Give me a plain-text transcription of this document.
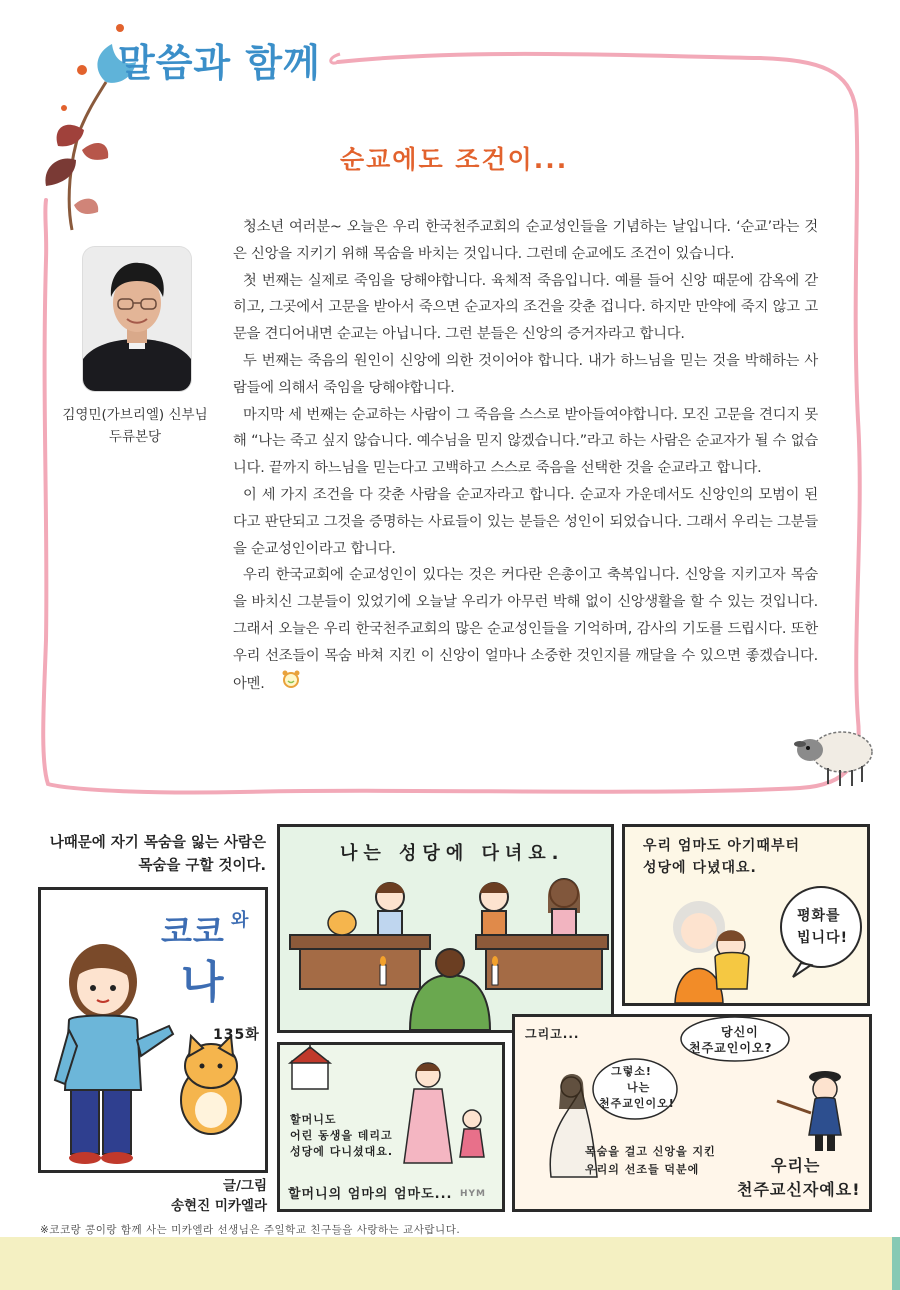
말씀과 함께
순교에도 조건이...
김영민(가브리엘) 신부님
두류본당

청소년 여러분~ 오늘은 우리 한국천주교회의 순교성인들을 기념하는 날입니다. ‘순교’라는 것은 신앙을 지키기 위해 목숨을 바치는 것입니다. 그런데 순교에도 조건이 있습니다.

첫 번째는 실제로 죽임을 당해야합니다. 육체적 죽음입니다. 예를 들어 신앙 때문에 감옥에 갇히고, 그곳에서 고문을 받아서 죽으면 순교자의 조건을 갖춘 겁니다. 하지만 만약에 죽지 않고 고문을 견디어내면 순교는 아닙니다. 그런 분들은 신앙의 증거자라고 합니다.

두 번째는 죽음의 원인이 신앙에 의한 것이어야 합니다. 내가 하느님을 믿는 것을 박해하는 사람들에 의해서 죽임을 당해야합니다.

마지막 세 번째는 순교하는 사람이 그 죽음을 스스로 받아들여야합니다. 모진 고문을 견디지 못해 “나는 죽고 싶지 않습니다. 예수님을 믿지 않겠습니다.”라고 하는 사람은 순교자가 될 수 없습니다. 끝까지 하느님을 믿는다고 고백하고 스스로 죽음을 선택한 것을 순교라고 합니다.

이 세 가지 조건을 다 갖춘 사람을 순교자라고 합니다. 순교자 가운데서도 신앙인의 모범이 된다고 판단되고 그것을 증명하는 사료들이 있는 분들은 성인이 되었습니다. 그래서 우리는 그분들을 순교성인이라고 합니다.

우리 한국교회에 순교성인이 있다는 것은 커다란 은총이고 축복입니다. 신앙을 지키고자 목숨을 바치신 그분들이 있었기에 오늘날 우리가 아무런 박해 없이 신앙생활을 할 수 있는 것입니다. 그래서 오늘은 우리 한국천주교회의 많은 순교성인들을 기억하며, 감사의 기도를 드립시다. 또한 우리 선조들이 목숨 바쳐 지킨 이 신앙이 얼마나 소중한 것인지를 깨달을 수 있으면 좋겠습니다. 아멘.

나때문에 자기 목숨을 잃는 사람은
목숨을 구할 것이다.
코코 와
나
135화
나는 성당에 다녀요.	우리 엄마도 아기때부터
성당에 다녔대요.
평화를
빕니다!
할머니도
어린 동생을 데리고
성당에 다니셨대요.
할머니의 엄마의 엄마도... HYM
그리고...	당신이
천주교인이오?
그렇소!
나는
천주교인이오!
목숨을 걸고 신앙을 지킨
우리의 선조들 덕분에	우리는
천주교신자예요!
글/그림
송현진 미카엘라
※코코랑 콩이랑 함께 사는 미카엘라 선생님은 주일학교 친구들을 사랑하는 교사랍니다.
